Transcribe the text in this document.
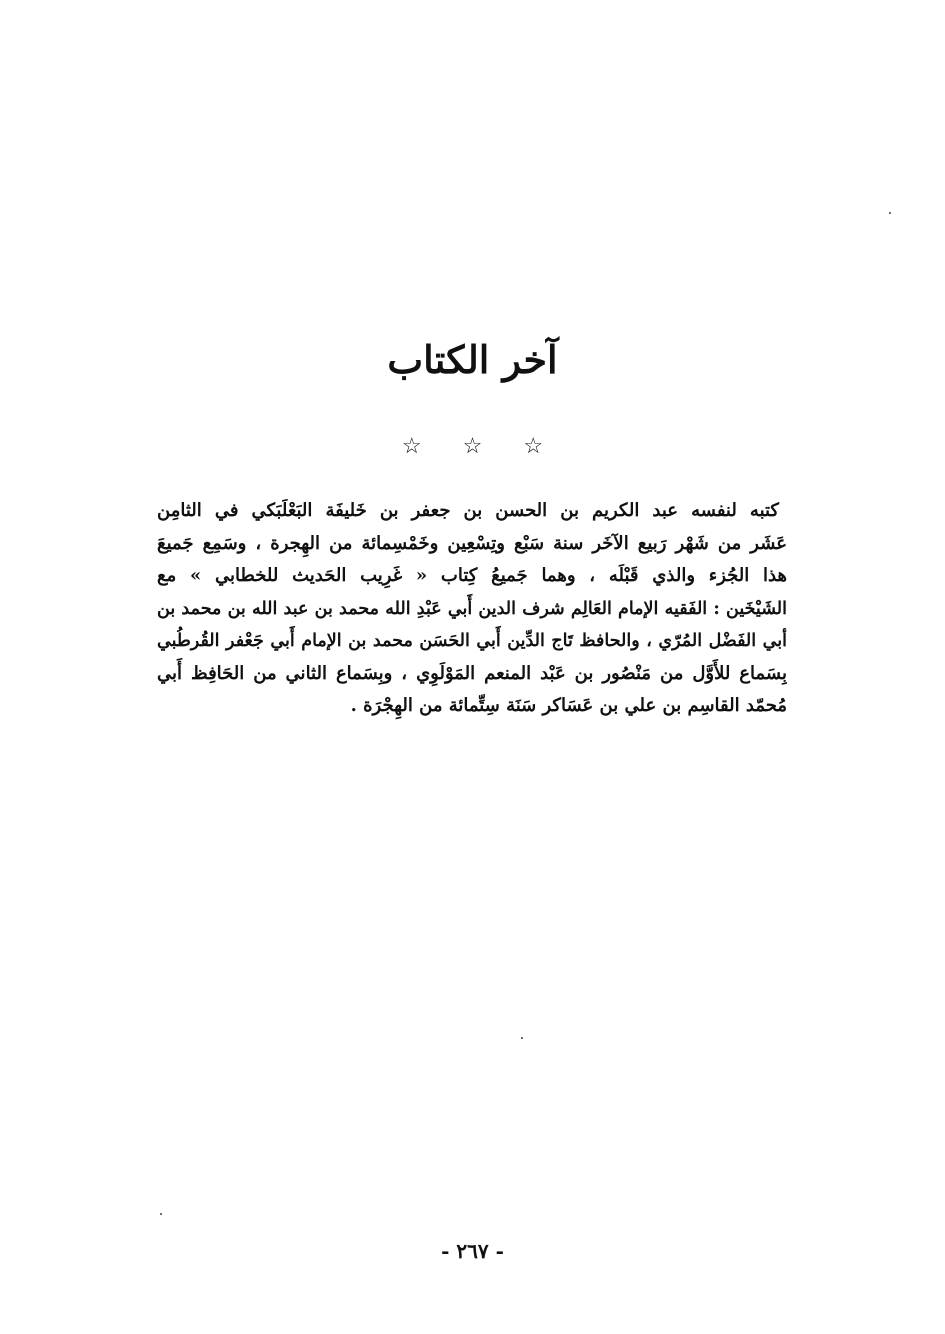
آخر الكتاب
☆ ☆ ☆
كتبه لنفسه عبد الكريم بن الحسن بن جعفر بن خَليفَة البَعْلَبَكي في الثامِن
عَشَر من شَهْر رَبيع الآخَر سنة سَبْع وتِسْعِين وخَمْسِمائة من الهِجرة ، وسَمِع جَميعَ
هذا الجُزء والذي قَبْلَه ، وهما جَميعُ كِتاب « غَرِيب الحَديث للخطابي » مع
الشَيْخَين : الفَقيه الإمام العَالِم شرف الدين أَبي عَبْدِ الله محمد بن عبد الله بن محمد بن
أبي الفَضْل المُرّي ، والحافظ تَاج الدِّين أَبي الحَسَن محمد بن الإمام أَبي جَعْفر القُرطُبي
بِسَماع للأَوَّل من مَنْصُور بن عَبْد المنعم المَوْلَوِي ، وبِسَماع الثاني من الحَافِظ أَبي
مُحمّد القاسِم بن علي بن عَسَاكر سَنَة سِتِّمائة من الهِجْرَة .
- ٢٦٧ -
